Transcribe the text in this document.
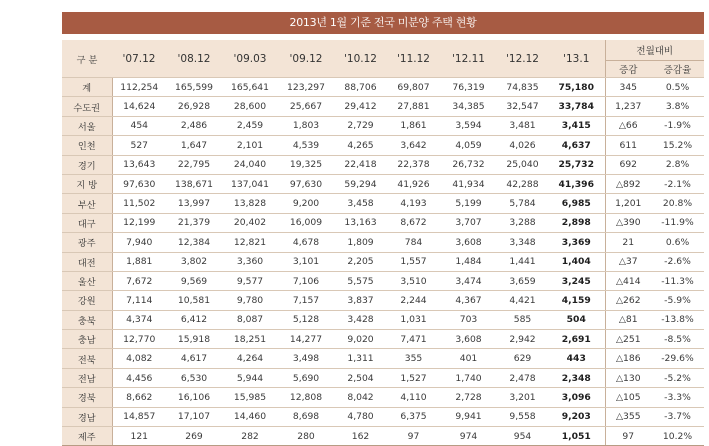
2013년 1월 기준 전국 미분양 주택 현황
구 분	'07.12	'08.12	'09.03	'09.12	'10.12	'11.12	'12.11	'12.12	'13.1	전월대비	
										증감	증감율
계	112,254	165,599	165,641	123,297	88,706	69,807	76,319	74,835	75,180	345	0.5%
수도권	14,624	26,928	28,600	25,667	29,412	27,881	34,385	32,547	33,784	1,237	3.8%
서울	454	2,486	2,459	1,803	2,729	1,861	3,594	3,481	3,415	△66	-1.9%
인천	527	1,647	2,101	4,539	4,265	3,642	4,059	4,026	4,637	611	15.2%
경기	13,643	22,795	24,040	19,325	22,418	22,378	26,732	25,040	25,732	692	2.8%
지 방	97,630	138,671	137,041	97,630	59,294	41,926	41,934	42,288	41,396	△892	-2.1%
부산	11,502	13,997	13,828	9,200	3,458	4,193	5,199	5,784	6,985	1,201	20.8%
대구	12,199	21,379	20,402	16,009	13,163	8,672	3,707	3,288	2,898	△390	-11.9%
광주	7,940	12,384	12,821	4,678	1,809	784	3,608	3,348	3,369	21	0.6%
대전	1,881	3,802	3,360	3,101	2,205	1,557	1,484	1,441	1,404	△37	-2.6%
울산	7,672	9,569	9,577	7,106	5,575	3,510	3,474	3,659	3,245	△414	-11.3%
강원	7,114	10,581	9,780	7,157	3,837	2,244	4,367	4,421	4,159	△262	-5.9%
충북	4,374	6,412	8,087	5,128	3,428	1,031	703	585	504	△81	-13.8%
충남	12,770	15,918	18,251	14,277	9,020	7,471	3,608	2,942	2,691	△251	-8.5%
전북	4,082	4,617	4,264	3,498	1,311	355	401	629	443	△186	-29.6%
전남	4,456	6,530	5,944	5,690	2,504	1,527	1,740	2,478	2,348	△130	-5.2%
경북	8,662	16,106	15,985	12,808	8,042	4,110	2,728	3,201	3,096	△105	-3.3%
경남	14,857	17,107	14,460	8,698	4,780	6,375	9,941	9,558	9,203	△355	-3.7%
제주	121	269	282	280	162	97	974	954	1,051	97	10.2%
